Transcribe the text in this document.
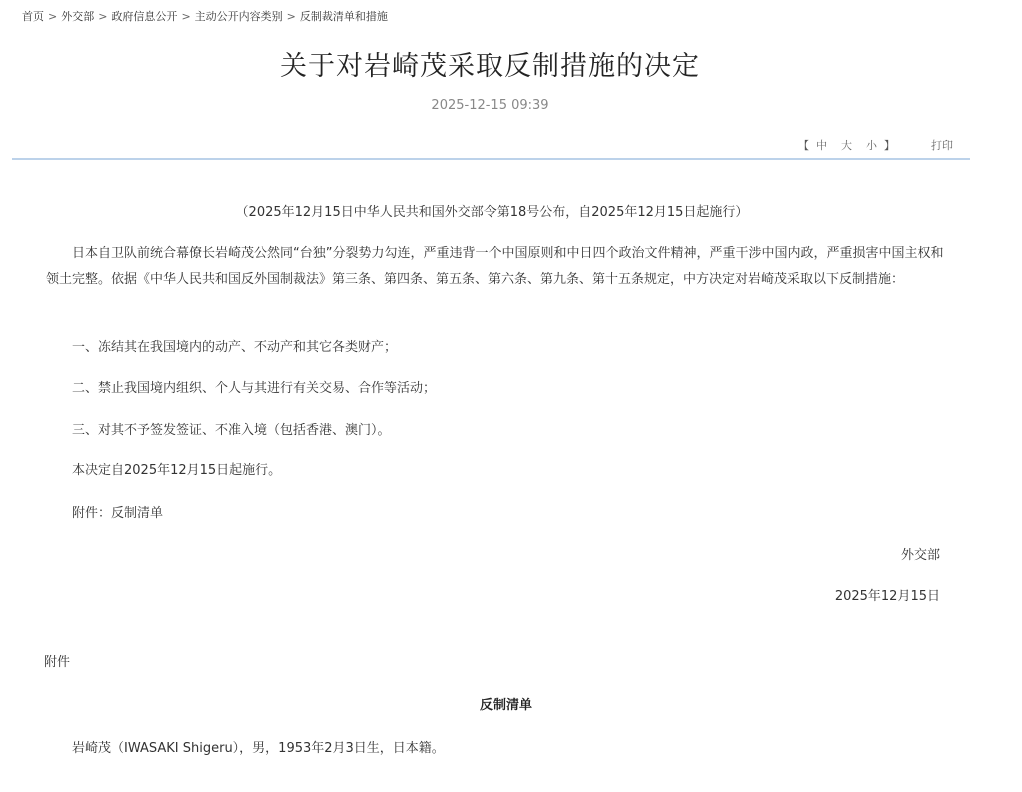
首页 > 外交部 > 政府信息公开 > 主动公开内容类别 > 反制裁清单和措施
关于对岩崎茂采取反制措施的决定
2025-12-15 09:39
【 中 大 小 】	打印
（2025年12月15日中华人民共和国外交部令第18号公布，自2025年12月15日起施行）
日本自卫队前统合幕僚长岩崎茂公然同“台独”分裂势力勾连，严重违背一个中国原则和中日四个政治文件精神，严重干涉中国内政，严重损害中国主权和领土完整。依据《中华人民共和国反外国制裁法》第三条、第四条、第五条、第六条、第九条、第十五条规定，中方决定对岩崎茂采取以下反制措施：
一、冻结其在我国境内的动产、不动产和其它各类财产；
二、禁止我国境内组织、个人与其进行有关交易、合作等活动；
三、对其不予签发签证、不准入境（包括香港、澳门）。
本决定自2025年12月15日起施行。
附件：反制清单
外交部
2025年12月15日
附件
反制清单
岩崎茂（IWASAKI Shigeru），男，1953年2月3日生，日本籍。
